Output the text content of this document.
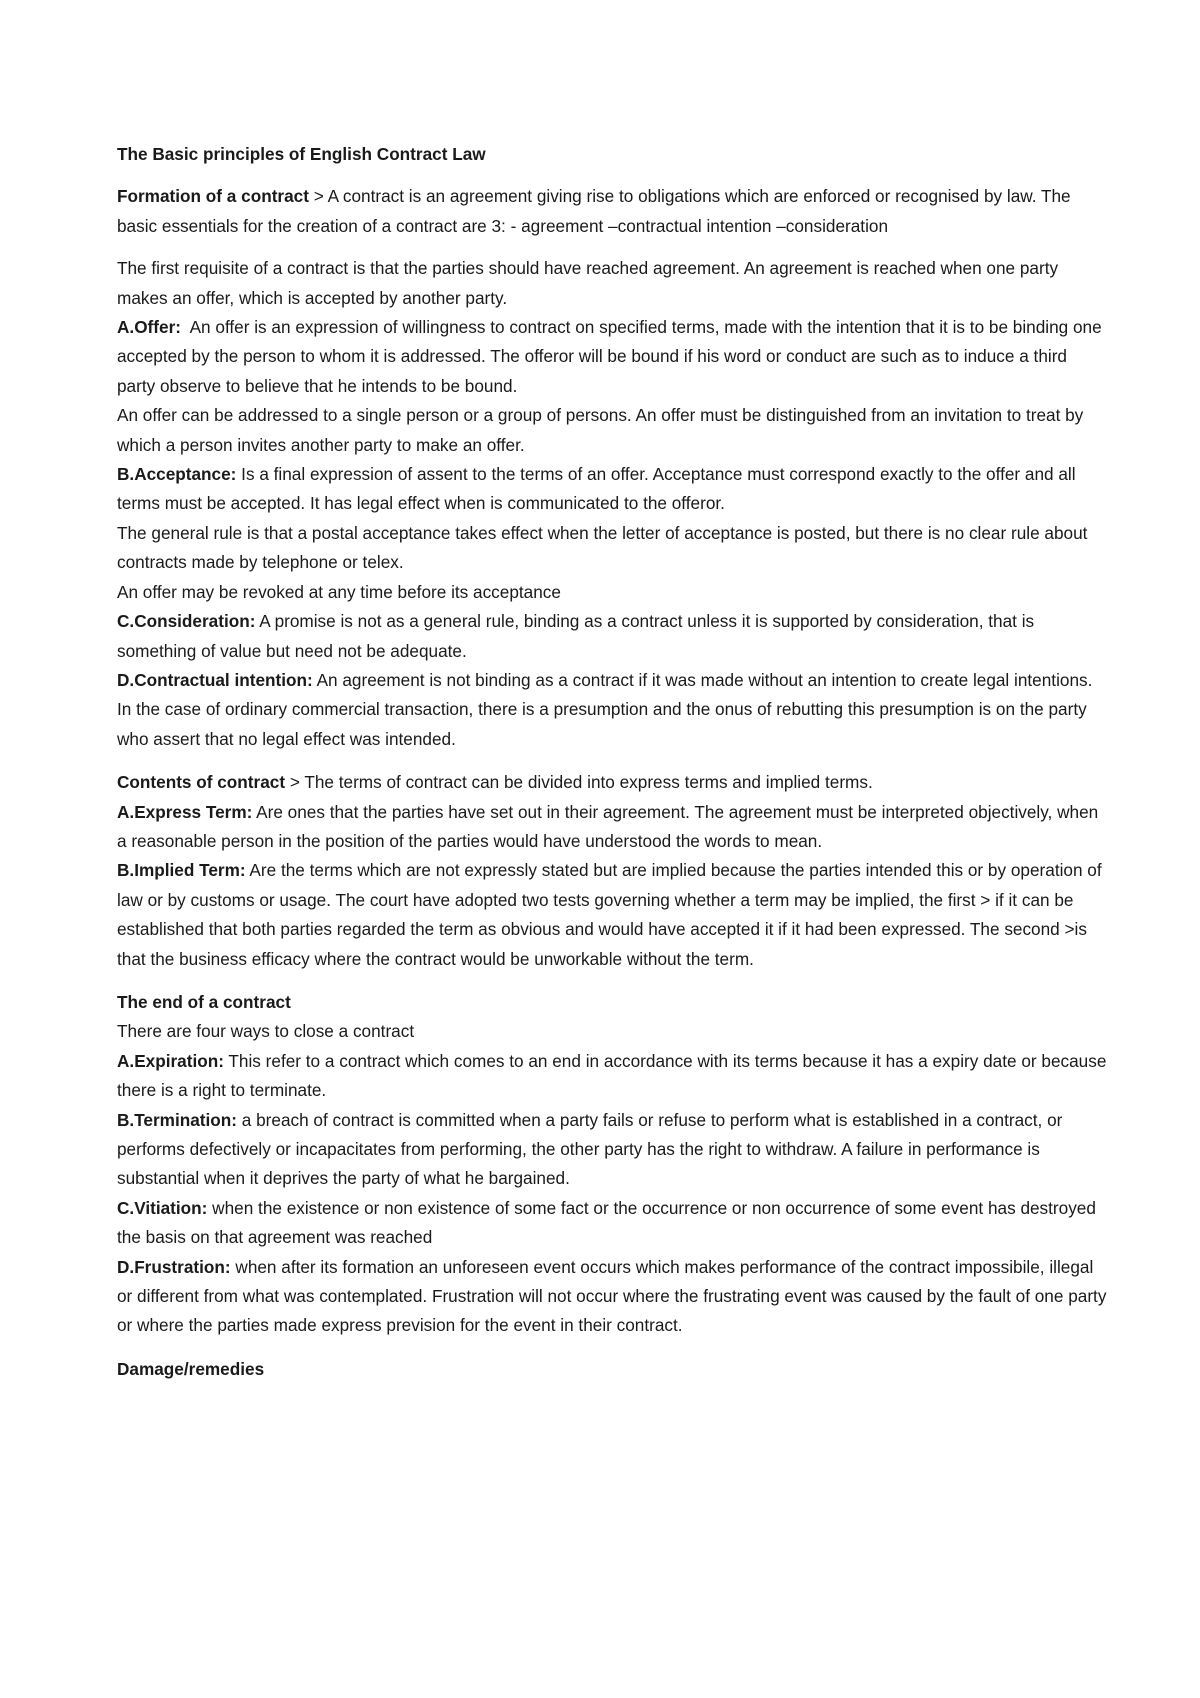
The Basic principles of English Contract Law

Formation of a contract > A contract is an agreement giving rise to obligations which are enforced or recognised by law. The basic essentials for the creation of a contract are 3: - agreement –contractual intention –consideration

The first requisite of a contract is that the parties should have reached agreement. An agreement is reached when one party makes an offer, which is accepted by another party.

A.Offer:  An offer is an expression of willingness to contract on specified terms, made with the intention that it is to be binding one accepted by the person to whom it is addressed. The offeror will be bound if his word or conduct are such as to induce a third party observe to believe that he intends to be bound.

An offer can be addressed to a single person or a group of persons. An offer must be distinguished from an invitation to treat by which a person invites another party to make an offer.

B.Acceptance: Is a final expression of assent to the terms of an offer. Acceptance must correspond exactly to the offer and all terms must be accepted. It has legal effect when is communicated to the offeror.

The general rule is that a postal acceptance takes effect when the letter of acceptance is posted, but there is no clear rule about contracts made by telephone or telex.

An offer may be revoked at any time before its acceptance

C.Consideration: A promise is not as a general rule, binding as a contract unless it is supported by consideration, that is something of value but need not be adequate.

D.Contractual intention: An agreement is not binding as a contract if it was made without an intention to create legal intentions. In the case of ordinary commercial transaction, there is a presumption and the onus of rebutting this presumption is on the party who assert that no legal effect was intended.

Contents of contract > The terms of contract can be divided into express terms and implied terms.

A.Express Term: Are ones that the parties have set out in their agreement. The agreement must be interpreted objectively, when a reasonable person in the position of the parties would have understood the words to mean.

B.Implied Term: Are the terms which are not expressly stated but are implied because the parties intended this or by operation of law or by customs or usage. The court have adopted two tests governing whether a term may be implied, the first > if it can be established that both parties regarded the term as obvious and would have accepted it if it had been expressed. The second >is that the business efficacy where the contract would be unworkable without the term.

The end of a contract

There are four ways to close a contract

A.Expiration: This refer to a contract which comes to an end in accordance with its terms because it has a expiry date or because there is a right to terminate.

B.Termination: a breach of contract is committed when a party fails or refuse to perform what is established in a contract, or performs defectively or incapacitates from performing, the other party has the right to withdraw. A failure in performance is substantial when it deprives the party of what he bargained.

C.Vitiation: when the existence or non existence of some fact or the occurrence or non occurrence of some event has destroyed the basis on that agreement was reached

D.Frustration: when after its formation an unforeseen event occurs which makes performance of the contract impossibile, illegal or different from what was contemplated. Frustration will not occur where the frustrating event was caused by the fault of one party or where the parties made express prevision for the event in their contract.

Damage/remedies
